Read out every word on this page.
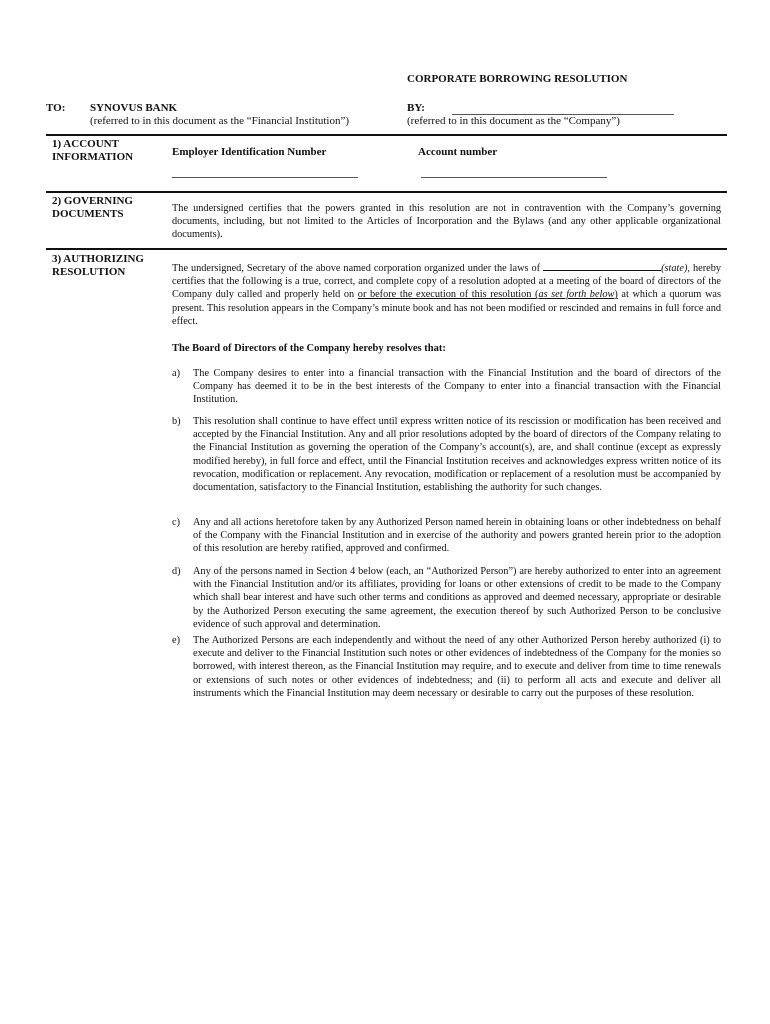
CORPORATE BORROWING RESOLUTION
TO: SYNOVUS BANK
(referred to in this document as the “Financial Institution”)
BY:
(referred to in this document as the “Company”)
1) ACCOUNT
INFORMATION	Employer Identification Number	Account number
2) GOVERNING
DOCUMENTS	The undersigned certifies that the powers granted in this resolution are not in contravention with the Company’s governing documents, including, but not limited to the Articles of Incorporation and the Bylaws (and any other applicable organizational documents).
3) AUTHORIZING
RESOLUTION	The undersigned, Secretary of the above named corporation organized under the laws of	(state), hereby certifies that the following is a true, correct, and complete copy of a resolution adopted at a meeting of the board of directors of the Company duly called and properly held on or before the execution of this resolution (as set forth below) at which a quorum was present. This resolution appears in the Company’s minute book and has not been modified or rescinded and remains in full force and effect.
The Board of Directors of the Company hereby resolves that:
a)	The Company desires to enter into a financial transaction with the Financial Institution and the board of directors of the Company has deemed it to be in the best interests of the Company to enter into a financial transaction with the Financial Institution.
b)	This resolution shall continue to have effect until express written notice of its rescission or modification has been received and accepted by the Financial Institution. Any and all prior resolutions adopted by the board of directors of the Company relating to the Financial Institution as governing the operation of the Company’s account(s), are, and shall continue (except as expressly modified hereby), in full force and effect, until the Financial Institution receives and acknowledges express written notice of its revocation, modification or replacement. Any revocation, modification or replacement of a resolution must be accompanied by documentation, satisfactory to the Financial Institution, establishing the authority for such changes.
c)	Any and all actions heretofore taken by any Authorized Person named herein in obtaining loans or other indebtedness on behalf of the Company with the Financial Institution and in exercise of the authority and powers granted herein prior to the adoption of this resolution are hereby ratified, approved and confirmed.
d)	Any of the persons named in Section 4 below (each, an “Authorized Person”) are hereby authorized to enter into an agreement with the Financial Institution and/or its affiliates, providing for loans or other extensions of credit to be made to the Company which shall bear interest and have such other terms and conditions as approved and deemed necessary, appropriate or desirable by the Authorized Person executing the same agreement, the execution thereof by such Authorized Person to be conclusive evidence of such approval and determination.
e)	The Authorized Persons are each independently and without the need of any other Authorized Person hereby authorized (i) to execute and deliver to the Financial Institution such notes or other evidences of indebtedness of the Company for the monies so borrowed, with interest thereon, as the Financial Institution may require, and to execute and deliver from time to time renewals or extensions of such notes or other evidences of indebtedness; and (ii) to perform all acts and execute and deliver all instruments which the Financial Institution may deem necessary or desirable to carry out the purposes of these resolution.
